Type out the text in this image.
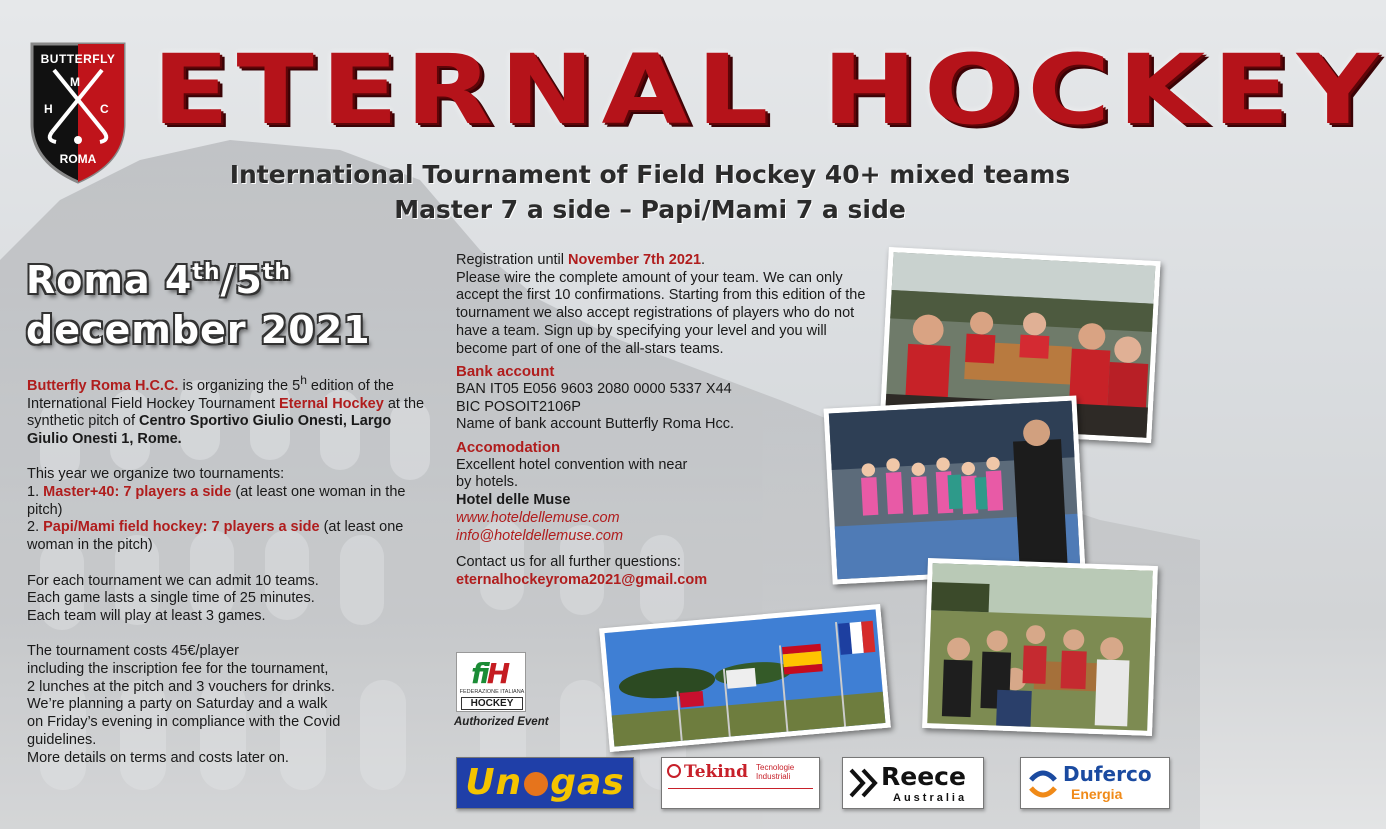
BUTTERFLY
M
H	C
ROMA
ETERNAL HOCKEY
International Tournament of Field Hockey 40+ mixed teams
Master 7 a side – Papi/Mami 7 a side
Roma 4th/5th
december 2021
Butterfly Roma H.C.C. is organizing the 5$^h$ edition of the International Field Hockey Tournament Eternal Hockey at the synthetic pitch of Centro Sportivo Giulio Onesti, Largo Giulio Onesti 1, Rome.
This year we organize two tournaments:
1. Master+40: 7 players a side (at least one woman in the pitch)
2. Papi/Mami field hockey: 7 players a side (at least one woman in the pitch)
For each tournament we can admit 10 teams.
Each game lasts a single time of 25 minutes.
Each team will play at least 3 games.
The tournament costs 45€/player
including the inscription fee for the tournament,
2 lunches at the pitch and 3 vouchers for drinks.
We’re planning a party on Saturday and a walk
on Friday’s evening in compliance with the Covid
guidelines.
More details on terms and costs later on.
Registration until November 7th 2021.
Please wire the complete amount of your team. We can only accept the first 10 confirmations. Starting from this edition of the tournament we also accept registrations of players who do not have a team. Sign up by specifying your level and you will become part of one of the all-stars teams.
Bank account
BAN IT05 E056 9603 2080 0000 5337 X44
BIC POSOIT2106P
Name of bank account Butterfly Roma Hcc.
Accomodation
Excellent hotel convention with near
by hotels.
Hotel delle Muse
www.hoteldellemuse.com
info@hoteldellemuse.com
Contact us for all further questions:
eternalhockeyroma2021@gmail.com
fiH
FEDERAZIONE ITALIANA
HOCKEY
Authorized Event
Un gas	Tekind Tecnologie Industriali	Reece
Australia
Duferco
Energia
